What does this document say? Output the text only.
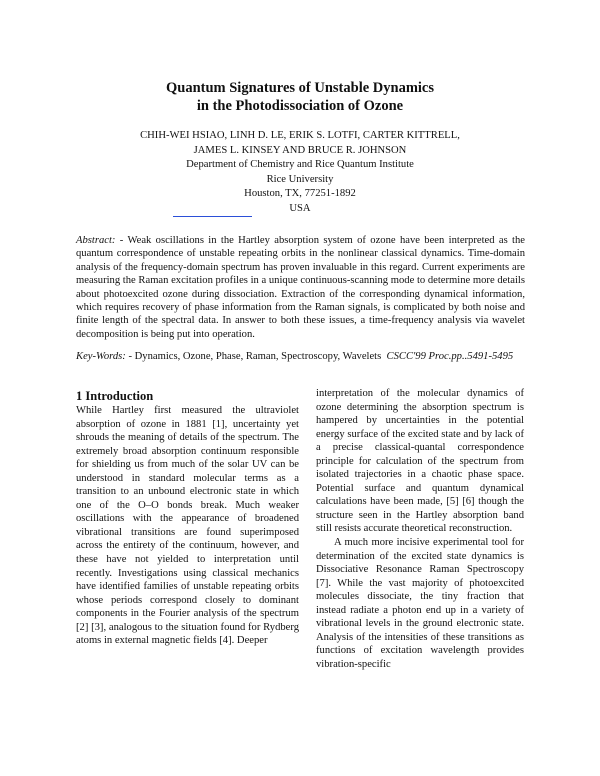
Quantum Signatures of Unstable Dynamics
in the Photodissociation of Ozone
CHIH-WEI HSIAO, LINH D. LE, ERIK S. LOTFI, CARTER KITTRELL,
JAMES L. KINSEY AND BRUCE R. JOHNSON
Department of Chemistry and Rice Quantum Institute
Rice University
Houston, TX, 77251-1892
USA
Abstract: - Weak oscillations in the Hartley absorption system of ozone have been interpreted as the quantum correspondence of unstable repeating orbits in the nonlinear classical dynamics. Time-domain analysis of the frequency-domain spectrum has proven invaluable in this regard. Current experiments are measuring the Raman excitation profiles in a unique continuous-scanning mode to determine more details about photoexcited ozone during dissociation. Extraction of the corresponding dynamical information, which requires recovery of phase information from the Raman signals, is complicated by both noise and finite length of the spectral data. In answer to both these issues, a time-frequency analysis via wavelet decomposition is being put into operation.
Key-Words: - Dynamics, Ozone, Phase, Raman, Spectroscopy, Wavelets CSCC'99 Proc.pp..5491-5495
1 Introduction

While Hartley first measured the ultraviolet absorption of ozone in 1881 [1], uncertainty yet shrouds the meaning of details of the spectrum. The extremely broad absorption continuum responsible for shielding us from much of the solar UV can be understood in standard molecular terms as a transition to an unbound electronic state in which one of the O–O bonds break. Much weaker oscillations with the appearance of broadened vibrational transitions are found superimposed across the entirety of the continuum, however, and these have not yielded to interpretation until recently. Investigations using classical mechanics have identified families of unstable repeating orbits whose periods correspond closely to dominant components in the Fourier analysis of the spectrum [2] [3], analogous to the situation found for Rydberg atoms in external magnetic fields [4]. Deeper

interpretation of the molecular dynamics of ozone determining the absorption spectrum is hampered by uncertainties in the potential energy surface of the excited state and by lack of a precise classical-quantal correspondence principle for calculation of the spectrum from isolated trajectories in a chaotic phase space. Potential surface and quantum dynamical calculations have been made, [5] [6] though the structure seen in the Hartley absorption band still resists accurate theoretical reconstruction.

A much more incisive experimental tool for determination of the excited state dynamics is Dissociative Resonance Raman Spectroscopy [7]. While the vast majority of photoexcited molecules dissociate, the tiny fraction that instead radiate a photon end up in a variety of vibrational levels in the ground electronic state. Analysis of the intensities of these transitions as functions of excitation wavelength provides vibration-specific
